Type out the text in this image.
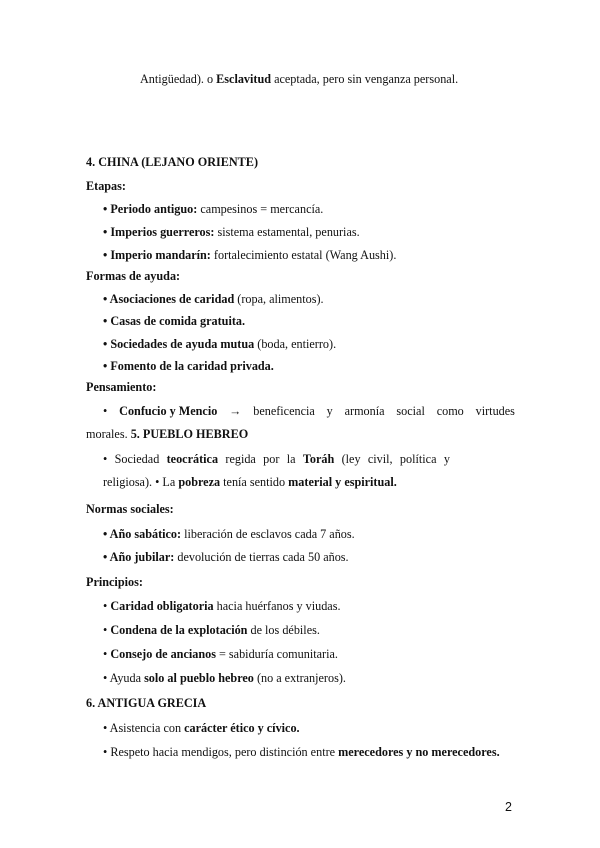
Antigüedad). o Esclavitud aceptada, pero sin venganza personal.
4. CHINA (LEJANO ORIENTE)
Etapas:
• Periodo antiguo: campesinos = mercancía.
• Imperios guerreros: sistema estamental, penurias.
• Imperio mandarín: fortalecimiento estatal (Wang Aushi).
Formas de ayuda:
• Asociaciones de caridad (ropa, alimentos).
• Casas de comida gratuita.
• Sociedades de ayuda mutua (boda, entierro).
• Fomento de la caridad privada.
Pensamiento:
• Confucio y Mencio → beneficencia y armonía social como virtudes
morales. 5. PUEBLO HEBREO
• Sociedad teocrática regida por la Toráh (ley civil, política y
religiosa). • La pobreza tenía sentido material y espiritual.
Normas sociales:
• Año sabático: liberación de esclavos cada 7 años.
• Año jubilar: devolución de tierras cada 50 años.
Principios:
• Caridad obligatoria hacia huérfanos y viudas.
• Condena de la explotación de los débiles.
• Consejo de ancianos = sabiduría comunitaria.
• Ayuda solo al pueblo hebreo (no a extranjeros).
6. ANTIGUA GRECIA
• Asistencia con carácter ético y cívico.
• Respeto hacia mendigos, pero distinción entre merecedores y no merecedores.
2
